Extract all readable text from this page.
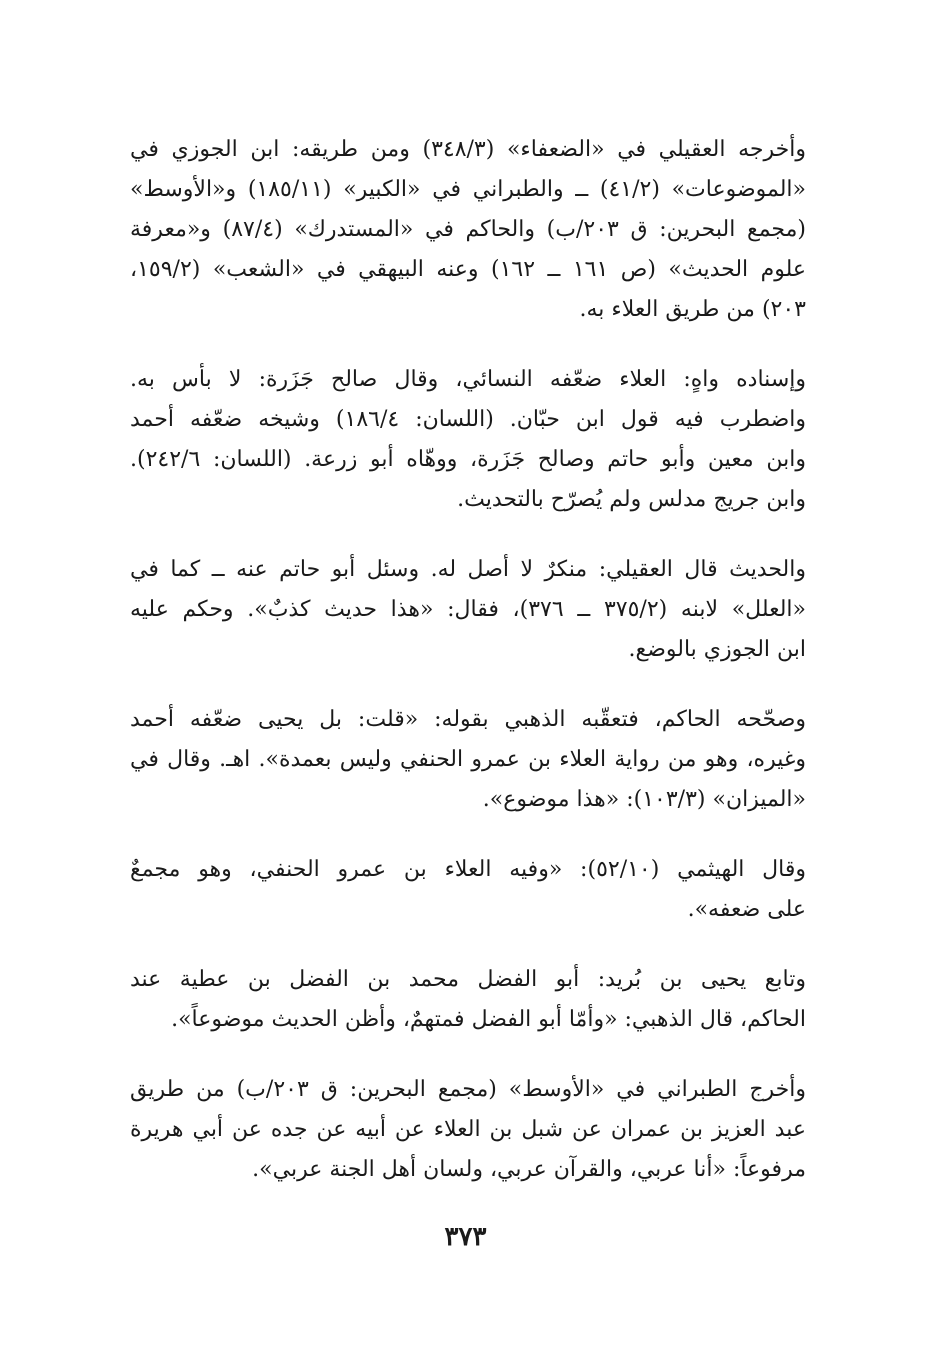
وأخرجه العقيلي في «الضعفاء» (٣٤٨/٣) ومن طريقه: ابن الجوزي في
«الموضوعات» (٤١/٢) ــ والطبراني في «الكبير» (١٨٥/١١) و«الأوسط»
(مجمع البحرين: ق ٢٠٣/ب) والحاكم في «المستدرك» (٨٧/٤) و«معرفة
علوم الحديث» (ص ١٦١ ــ ١٦٢) وعنه البيهقي في «الشعب» (١٥٩/٢،
٢٠٣) من طريق العلاء به.

وإسناده واهٍ: العلاء ضعّفه النسائي، وقال صالح جَزَرة: لا بأس به.
واضطرب فيه قول ابن حبّان. (اللسان: ١٨٦/٤) وشيخه ضعّفه أحمد
وابن معين وأبو حاتم وصالح جَزَرة، ووهّاه أبو زرعة. (اللسان: ٢٤٢/٦).
وابن جريج مدلس ولم يُصرّح بالتحديث.

والحديث قال العقيلي: منكرٌ لا أصل له. وسئل أبو حاتم عنه ــ كما في
«العلل» لابنه (٣٧٥/٢ ــ ٣٧٦)، فقال: «هذا حديث كذبٌ». وحكم عليه
ابن الجوزي بالوضع.

وصحّحه الحاكم، فتعقّبه الذهبي بقوله: «قلت: بل يحيى ضعّفه أحمد
وغيره، وهو من رواية العلاء بن عمرو الحنفي وليس بعمدة». اهـ. وقال في
«الميزان» (١٠٣/٣): «هذا موضوع».

وقال الهيثمي (٥٢/١٠): «وفيه العلاء بن عمرو الحنفي، وهو مجمعٌ
على ضعفه».

وتابع يحيى بن بُريد: أبو الفضل محمد بن الفضل بن عطية عند
الحاكم، قال الذهبي: «وأمّا أبو الفضل فمتهمٌ، وأظن الحديث موضوعاً».

وأخرج الطبراني في «الأوسط» (مجمع البحرين: ق ٢٠٣/ب) من طريق
عبد العزيز بن عمران عن شبل بن العلاء عن أبيه عن جده عن أبي هريرة
مرفوعاً: «أنا عربي، والقرآن عربي، ولسان أهل الجنة عربي».

٣٧٣
